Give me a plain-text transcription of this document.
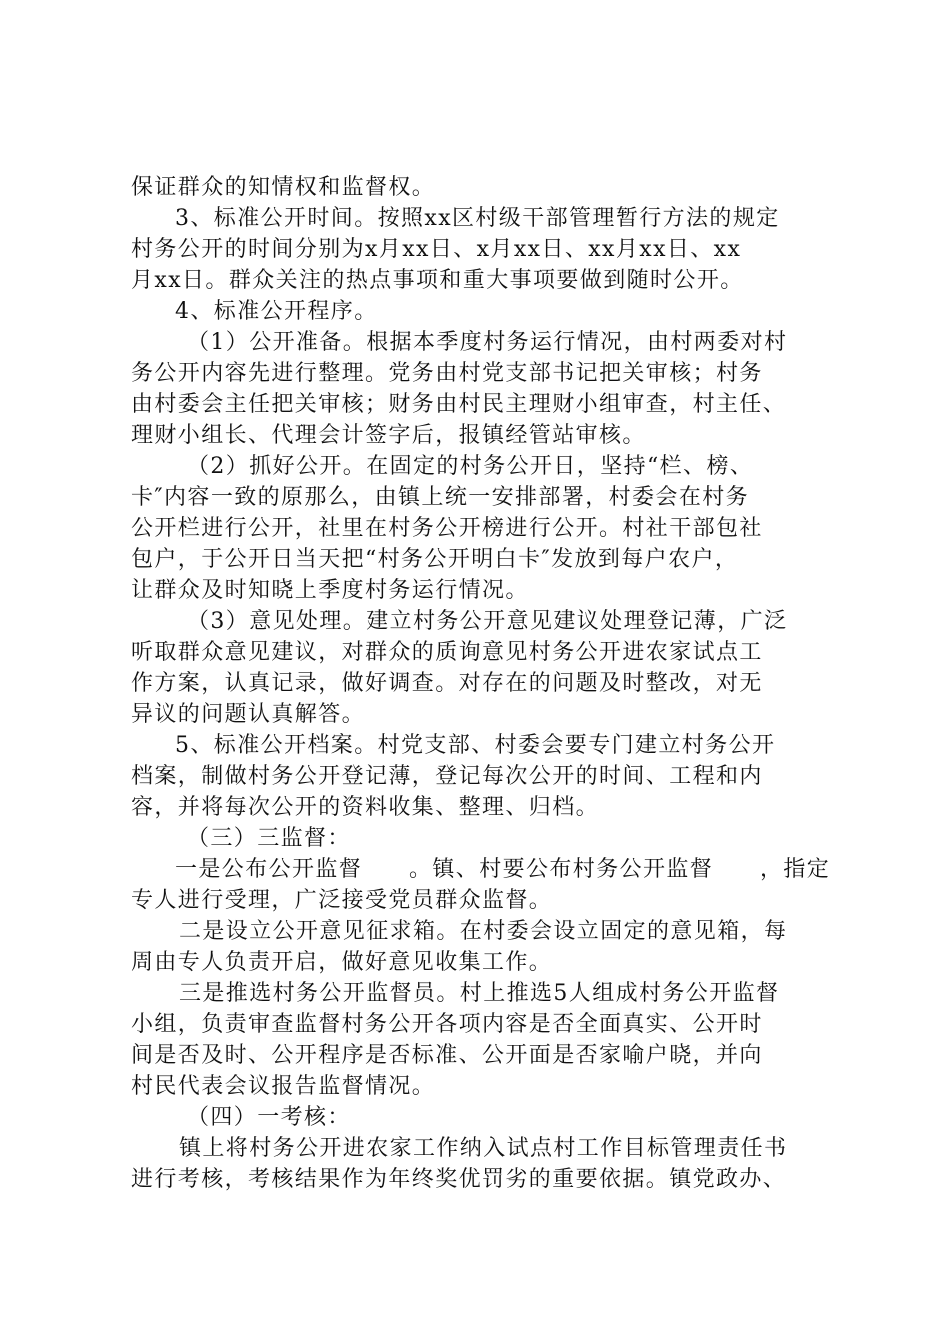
保证群众的知情权和监督权。
3、标准公开时间。按照xx区村级干部管理暂行方法的规定
村务公开的时间分别为x月xx日、x月xx日、xx月xx日、xx
月xx日。群众关注的热点事项和重大事项要做到随时公开。
4、标准公开程序。
（1）公开准备。根据本季度村务运行情况，由村两委对村
务公开内容先进行整理。党务由村党支部书记把关审核；村务
由村委会主任把关审核；财务由村民主理财小组审查，村主任、
理财小组长、代理会计签字后，报镇经管站审核。
（2）抓好公开。在固定的村务公开日，坚持“栏、榜、
卡″内容一致的原那么，由镇上统一安排部署，村委会在村务
公开栏进行公开，社里在村务公开榜进行公开。村社干部包社
包户，于公开日当天把“村务公开明白卡″发放到每户农户，
让群众及时知晓上季度村务运行情况。
（3）意见处理。建立村务公开意见建议处理登记薄，广泛
听取群众意见建议，对群众的质询意见村务公开进农家试点工
作方案，认真记录，做好调查。对存在的问题及时整改，对无
异议的问题认真解答。
5、标准公开档案。村党支部、村委会要专门建立村务公开
档案，制做村务公开登记薄，登记每次公开的时间、工程和内
容，并将每次公开的资料收集、整理、归档。
（三）三监督：
一是公布公开监督　　。镇、村要公布村务公开监督　　，指定
专人进行受理，广泛接受党员群众监督。
二是设立公开意见征求箱。在村委会设立固定的意见箱，每
周由专人负责开启，做好意见收集工作。
三是推选村务公开监督员。村上推选5人组成村务公开监督
小组，负责审查监督村务公开各项内容是否全面真实、公开时
间是否及时、公开程序是否标准、公开面是否家喻户晓，并向
村民代表会议报告监督情况。
（四）一考核：
镇上将村务公开进农家工作纳入试点村工作目标管理责任书
进行考核，考核结果作为年终奖优罚劣的重要依据。镇党政办、
